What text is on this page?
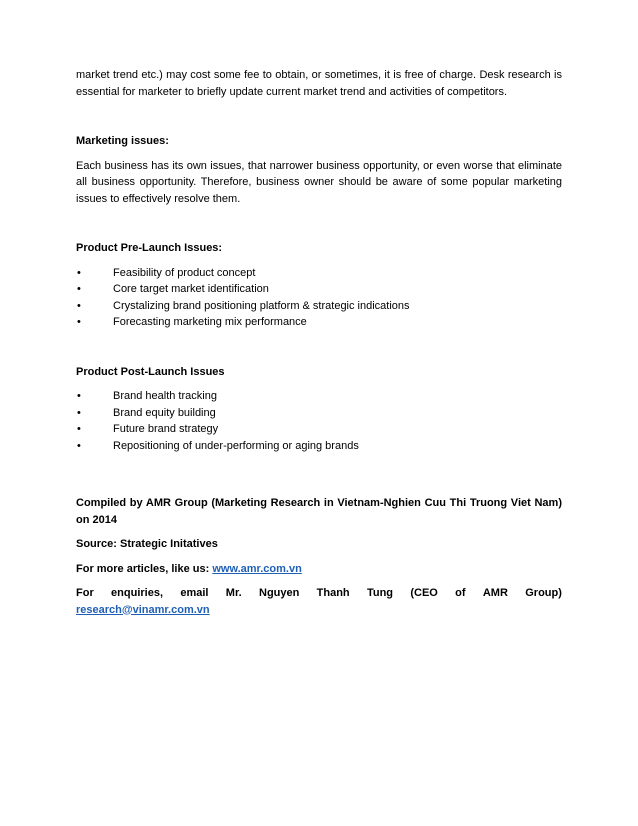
market trend etc.) may cost some fee to obtain, or sometimes, it is free of charge. Desk research is essential for marketer to briefly update current market trend and activities of competitors.

Marketing issues:

Each business has its own issues, that narrower business opportunity, or even worse that eliminate all business opportunity. Therefore, business owner should be aware of some popular marketing issues to effectively resolve them.

Product Pre-Launch Issues:

•	Feasibility of product concept
•	Core target market identification
•	Crystalizing brand positioning platform & strategic indications
•	Forecasting marketing mix performance

Product Post-Launch Issues

•	Brand health tracking
•	Brand equity building
•	Future brand strategy
•	Repositioning of under-performing or aging brands

Compiled by AMR Group (Marketing Research in Vietnam-Nghien Cuu Thi Truong Viet Nam) on 2014

Source: Strategic Initatives

For more articles, like us: www.amr.com.vn

For enquiries, email Mr. Nguyen Thanh Tung (CEO of AMR Group)

research@vinamr.com.vn
